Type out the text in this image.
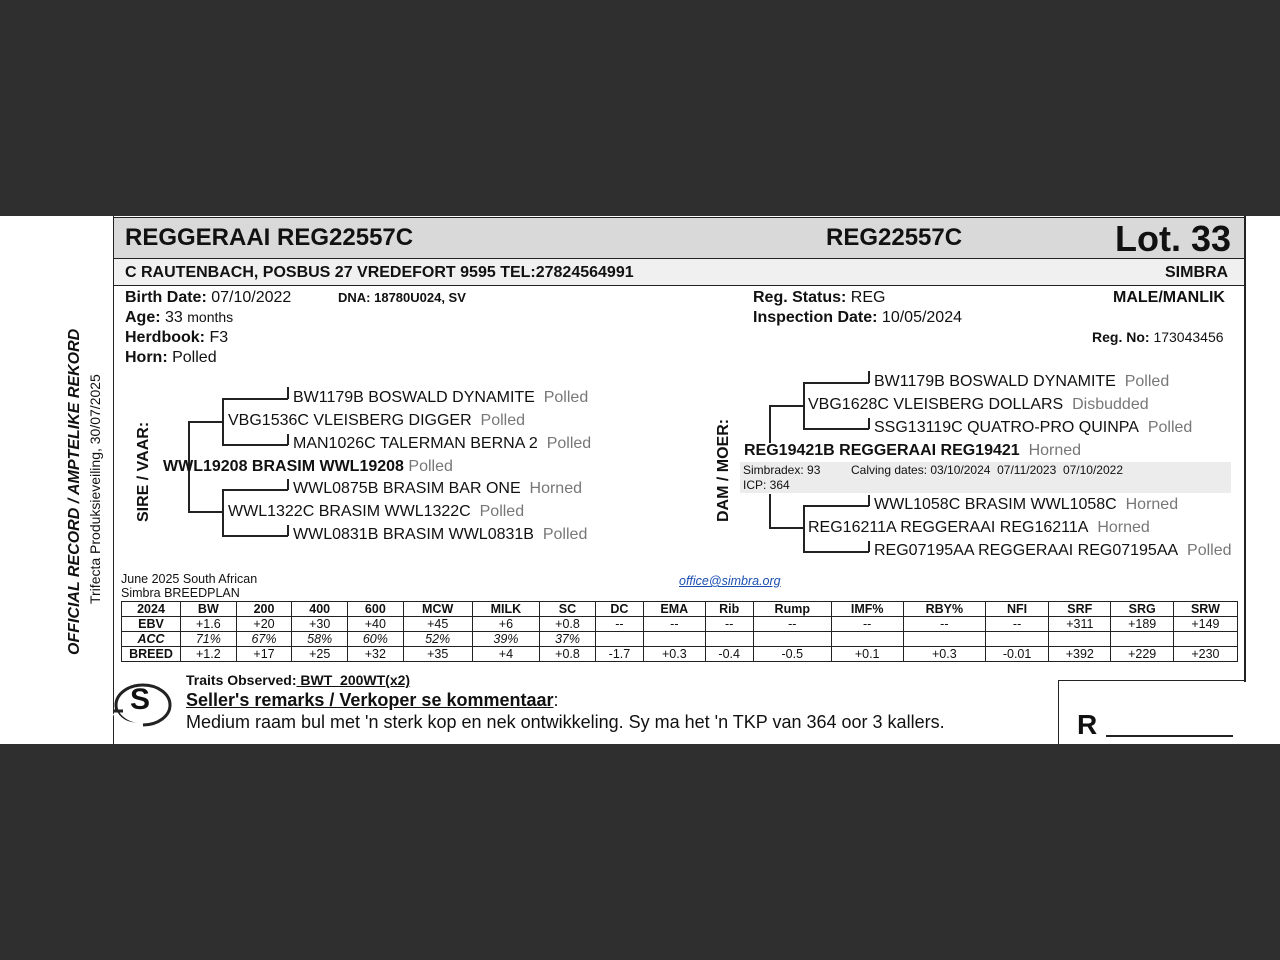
OFFICIAL RECORD / AMPTELIKE REKORD Trifecta Produksieveiling, 30/07/2025
REGGERAAI REG22557C	REG22557C	Lot. 33
C RAUTENBACH, POSBUS 27 VREDEFORT 9595 TEL:27824564991	SIMBRA
Birth Date: 07/10/2022	DNA: 18780U024, SV
Age: 33 months
Herdbook: F3
Horn: Polled
Reg. Status: REG
Inspection Date: 10/05/2024
MALE/MANLIK
Reg. No: 173043456
SIRE / VAAR:
BW1179B BOSWALD DYNAMITE Polled
VBG1536C VLEISBERG DIGGER Polled
MAN1026C TALERMAN BERNA 2 Polled
WWL19208 BRASIM WWL19208 Polled
WWL0875B BRASIM BAR ONE Horned
WWL1322C BRASIM WWL1322C Polled
WWL0831B BRASIM WWL0831B Polled
DAM / MOER:
BW1179B BOSWALD DYNAMITE Polled
VBG1628C VLEISBERG DOLLARS Disbudded
SSG13119C QUATRO-PRO QUINPA Polled
REG19421B REGGERAAI REG19421 Horned
Simbradex: 93	Calving dates: 03/10/2024  07/11/2023  07/10/2022
ICP: 364
WWL1058C BRASIM WWL1058C Horned
REG16211A REGGERAAI REG16211A Horned
REG07195AA REGGERAAI REG07195AA Polled
June 2025 South African
Simbra BREEDPLAN
office@simbra.org
2024	BW	200	400	600	MCW	MILK	SC	DC	EMA	Rib	Rump	IMF%	RBY%	NFI	SRF	SRG	SRW
EBV	+1.6	+20	+30	+40	+45	+6	+0.8	--	--	--	--	--	--	--	+311	+189	+149
ACC	71%	67%	58%	60%	52%	39%	37%										
BREED	+1.2	+17	+25	+32	+35	+4	+0.8	-1.7	+0.3	-0.4	-0.5	+0.1	+0.3	-0.01	+392	+229	+230
S
Traits Observed: BWT  200WT(x2)
Seller's remarks / Verkoper se kommentaar:
Medium raam bul met 'n sterk kop en nek ontwikkeling. Sy ma het 'n TKP van 364 oor 3 kallers.	R
